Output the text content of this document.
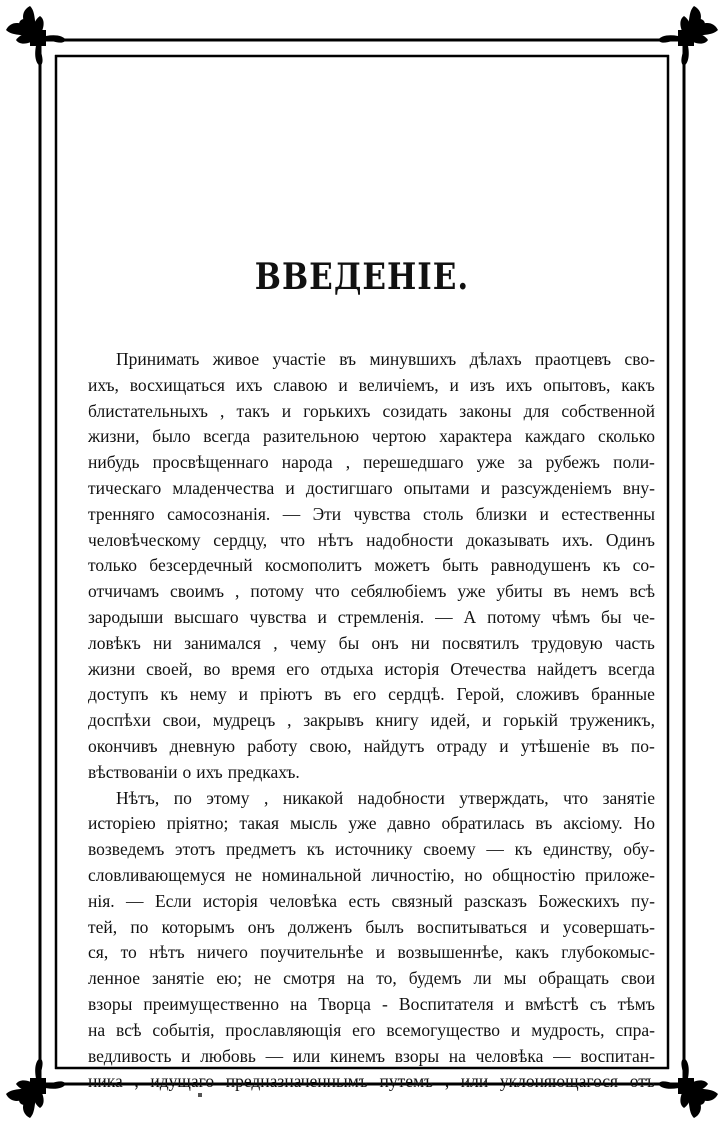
ВВЕДЕНІЕ.
Принимать живое участіе въ минувшихъ дѣлахъ праотцевъ сво-
ихъ, восхищаться ихъ славою и величіемъ, и изъ ихъ опытовъ, какъ
блистательныхъ , такъ и горькихъ созидать законы для собственной
жизни, было всегда разительною чертою характера каждаго сколько
нибудь просвѣщеннаго народа , перешедшаго уже за рубежъ поли-
тическаго младенчества и достигшаго опытами и разсужденіемъ вну-
тренняго самосознанія. — Эти чувства столь близки и естественны
человѣческому сердцу, что нѣтъ надобности доказывать ихъ. Одинъ
только безсердечный космополитъ можетъ быть равнодушенъ къ со-
отчичамъ своимъ , потому что себялюбіемъ уже убиты въ немъ всѣ
зародыши высшаго чувства и стремленія. — А потому чѣмъ бы че-
ловѣкъ ни занимался , чему бы онъ ни посвятилъ трудовую часть
жизни своей, во время его отдыха исторія Отечества найдетъ всегда
доступъ къ нему и пріютъ въ его сердцѣ. Герой, сложивъ бранные
доспѣхи свои, мудрецъ , закрывъ книгу идей, и горькій труженикъ,
окончивъ дневную работу свою, найдутъ отраду и утѣшеніе въ по-
вѣствованіи о ихъ предкахъ.
Нѣтъ, по этому , никакой надобности утверждать, что занятіе
исторіею пріятно; такая мысль уже давно обратилась въ аксіому. Но
возведемъ этотъ предметъ къ источнику своему — къ единству, обу-
словливающемуся не номинальной личностію, но общностію приложе-
нія. — Если исторія человѣка есть связный разсказъ Божескихъ пу-
тей, по которымъ онъ долженъ былъ воспитываться и усовершать-
ся, то нѣтъ ничего поучительнѣе и возвышеннѣе, какъ глубокомыс-
ленное занятіе ею; не смотря на то, будемъ ли мы обращать свои
взоры преимущественно на Творца - Воспитателя и вмѣстѣ съ тѣмъ
на всѣ событія, прославляющія его всемогущество и мудрость, спра-
ведливость и любовь — или кинемъ взоры на человѣка — воспитан-
ника , идущаго предназначеннымъ путемъ , или уклоняющагося отъ
